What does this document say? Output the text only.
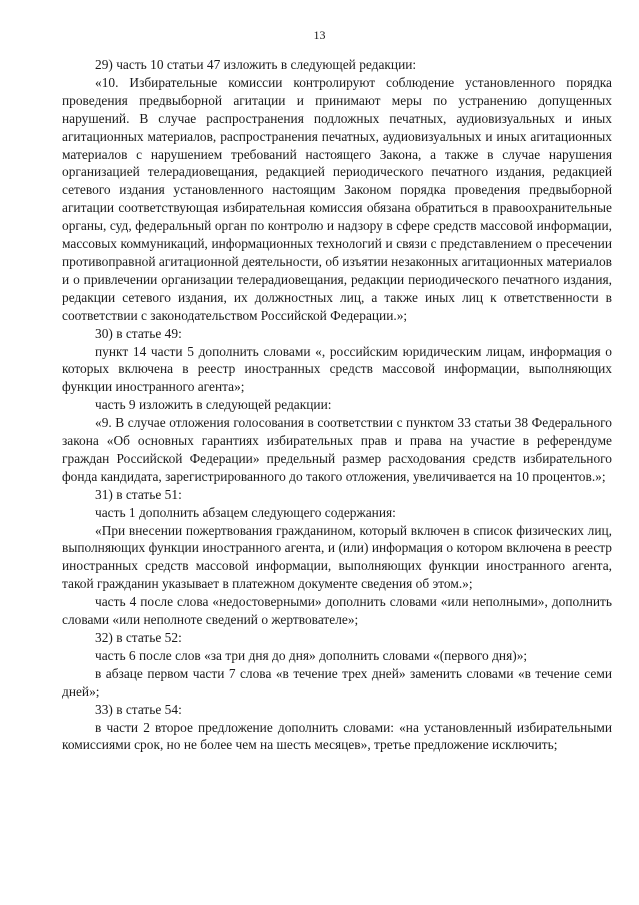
13

29) часть 10 статьи 47 изложить в следующей редакции:

«10. Избирательные комиссии контролируют соблюдение установленного порядка проведения предвыборной агитации и принимают меры по устранению допущенных нарушений. В случае распространения подложных печатных, аудиовизуальных и иных агитационных материалов, распространения печатных, аудиовизуальных и иных агитационных материалов с нарушением требований настоящего Закона, а также в случае нарушения организацией телерадиовещания, редакцией периодического печатного издания, редакцией сетевого издания установленного настоящим Законом порядка проведения предвыборной агитации соответствующая избирательная комиссия обязана обратиться в правоохранительные органы, суд, федеральный орган по контролю и надзору в сфере средств массовой информации, массовых коммуникаций, информационных технологий и связи с представлением о пресечении противоправной агитационной деятельности, об изъятии незаконных агитационных материалов и о привлечении организации телерадиовещания, редакции периодического печатного издания, редакции сетевого издания, их должностных лиц, а также иных лиц к ответственности в соответствии с законодательством Российской Федерации.»;

30) в статье 49:

пункт 14 части 5 дополнить словами «, российским юридическим лицам, информация о которых включена в реестр иностранных средств массовой информации, выполняющих функции иностранного агента»;

часть 9 изложить в следующей редакции:

«9. В случае отложения голосования в соответствии с пунктом 33 статьи 38 Федерального закона «Об основных гарантиях избирательных прав и права на участие в референдуме граждан Российской Федерации» предельный размер расходования средств избирательного фонда кандидата, зарегистрированного до такого отложения, увеличивается на 10 процентов.»;

31) в статье 51:

часть 1 дополнить абзацем следующего содержания:

«При внесении пожертвования гражданином, который включен в список физических лиц, выполняющих функции иностранного агента, и (или) информация о котором включена в реестр иностранных средств массовой информации, выполняющих функции иностранного агента, такой гражданин указывает в платежном документе сведения об этом.»;

часть 4 после слова «недостоверными» дополнить словами «или неполными», дополнить словами «или неполноте сведений о жертвователе»;

32) в статье 52:

часть 6 после слов «за три дня до дня» дополнить словами «(первого дня)»;

в абзаце первом части 7 слова «в течение трех дней» заменить словами «в течение семи дней»;

33) в статье 54:

в части 2 второе предложение дополнить словами: «на установленный избирательными комиссиями срок, но не более чем на шесть месяцев», третье предложение исключить;
